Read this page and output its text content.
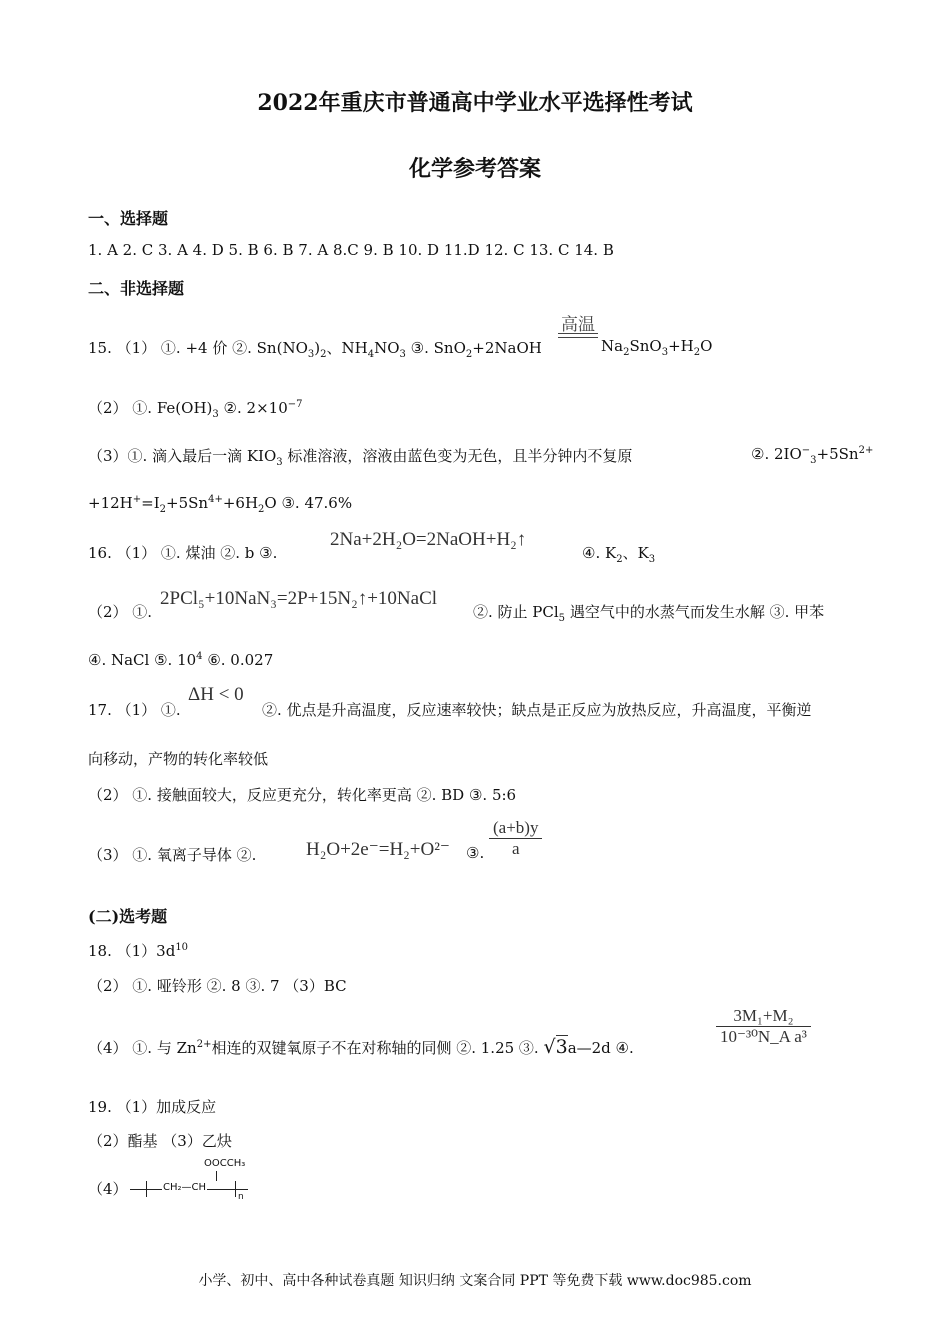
2022年重庆市普通高中学业水平选择性考试
化学参考答案
一、选择题
1. A 2. C 3. A 4. D 5. B 6. B 7. A 8.C 9. B 10. D 11.D 12. C 13. C 14. B
二、非选择题
15. （1） ①. +4 价 ②. $Sn(NO_3)_2$、$NH_4NO_3$ ③. SnO$_2$+2NaOH
高温
$Na_2SnO_3+H_2O$
（2） ①. $Fe(OH)_3$ ②. $2\times 10^{-7}$
（3）①. 滴入最后一滴 $KIO_3$ 标准溶液，溶液由蓝色变为无色，且半分钟内不复原	②. $2IO^-_3+5Sn^{2+}$
$+12H^+=I_2+5Sn^{4+}+6H_2O$ ③. 47.6%
16. （1） ①. 煤油 ②. b ③.
2Na+2H₂O=2NaOH+H₂↑
④. $K_2$、$K_3$
（2） ①.
2PCl₅+10NaN₃=2P+15N₂↑+10NaCl
②. 防止 PCl$_5$ 遇空气中的水蒸气而发生水解 ③. 甲苯
④. NaCl ⑤. $10^4$ ⑥. 0.027
17. （1） ①.
ΔH < 0
②. 优点是升高温度，反应速率较快；缺点是正反应为放热反应，升高温度，平衡逆
向移动，产物的转化率较低
（2） ①. 接触面较大，反应更充分，转化率更高 ②. BD ③. 5:6
（3） ①. 氧离子导体 ②.	H₂O+2e⁻=H₂+O²⁻ ③. $\frac{(a+b)y}{a}$
(二)选考题
18. $(1)3d^{10}$
（2） ①. 哑铃形 ②. 8 ③. 7 （3）BC
（4） ①. 与 $Zn^{2+}$相连的双键氧原子不在对称轴的同侧 ②. 1.25 ③. √3a—2d ④.
$\frac{\text{3M₁+M₂}}{\text{10⁻³⁰N\_A a³}}$
19. （1）加成反应
（2）酯基 （3）乙炔
（4）
OOCCH₃
CH₂—CH
n
小学、初中、高中各种试卷真题 知识归纳 文案合同 PPT 等免费下载 www.doc985.com
